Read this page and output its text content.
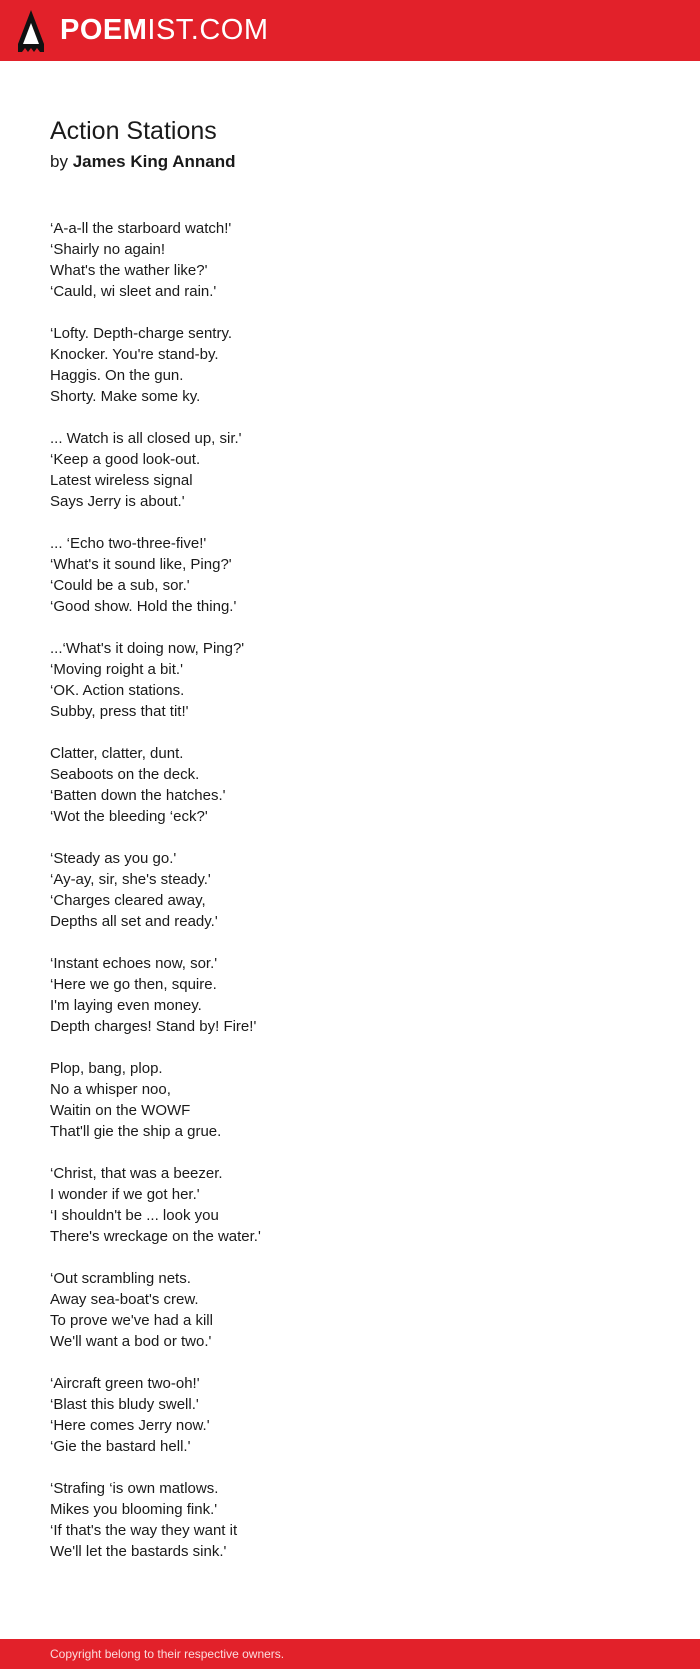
POEMIST.COM
Action Stations
by James King Annand
‘A-a-ll the starboard watch!'
‘Shairly no again!
What's the wather like?'
‘Cauld, wi sleet and rain.'
‘Lofty. Depth-charge sentry.
Knocker. You're stand-by.
Haggis. On the gun.
Shorty. Make some ky.
... Watch is all closed up, sir.'
‘Keep a good look-out.
Latest wireless signal
Says Jerry is about.'
... ‘Echo two-three-five!'
‘What's it sound like, Ping?'
‘Could be a sub, sor.'
‘Good show. Hold the thing.'
...‘What's it doing now, Ping?'
‘Moving roight a bit.'
‘OK. Action stations.
Subby, press that tit!'
Clatter, clatter, dunt.
Seaboots on the deck.
‘Batten down the hatches.'
‘Wot the bleeding ‘eck?'
‘Steady as you go.'
‘Ay-ay, sir, she's steady.'
‘Charges cleared away,
Depths all set and ready.'
‘Instant echoes now, sor.'
‘Here we go then, squire.
I'm laying even money.
Depth charges! Stand by! Fire!'
Plop, bang, plop.
No a whisper noo,
Waitin on the WOWF
That'll gie the ship a grue.
‘Christ, that was a beezer.
I wonder if we got her.'
‘I shouldn't be ... look you
There's wreckage on the water.'
‘Out scrambling nets.
Away sea-boat's crew.
To prove we've had a kill
We'll want a bod or two.'
‘Aircraft green two-oh!'
‘Blast this bludy swell.'
‘Here comes Jerry now.'
‘Gie the bastard hell.'
‘Strafing ‘is own matlows.
Mikes you blooming fink.'
‘If that's the way they want it
We'll let the bastards sink.'
Copyright belong to their respective owners.
